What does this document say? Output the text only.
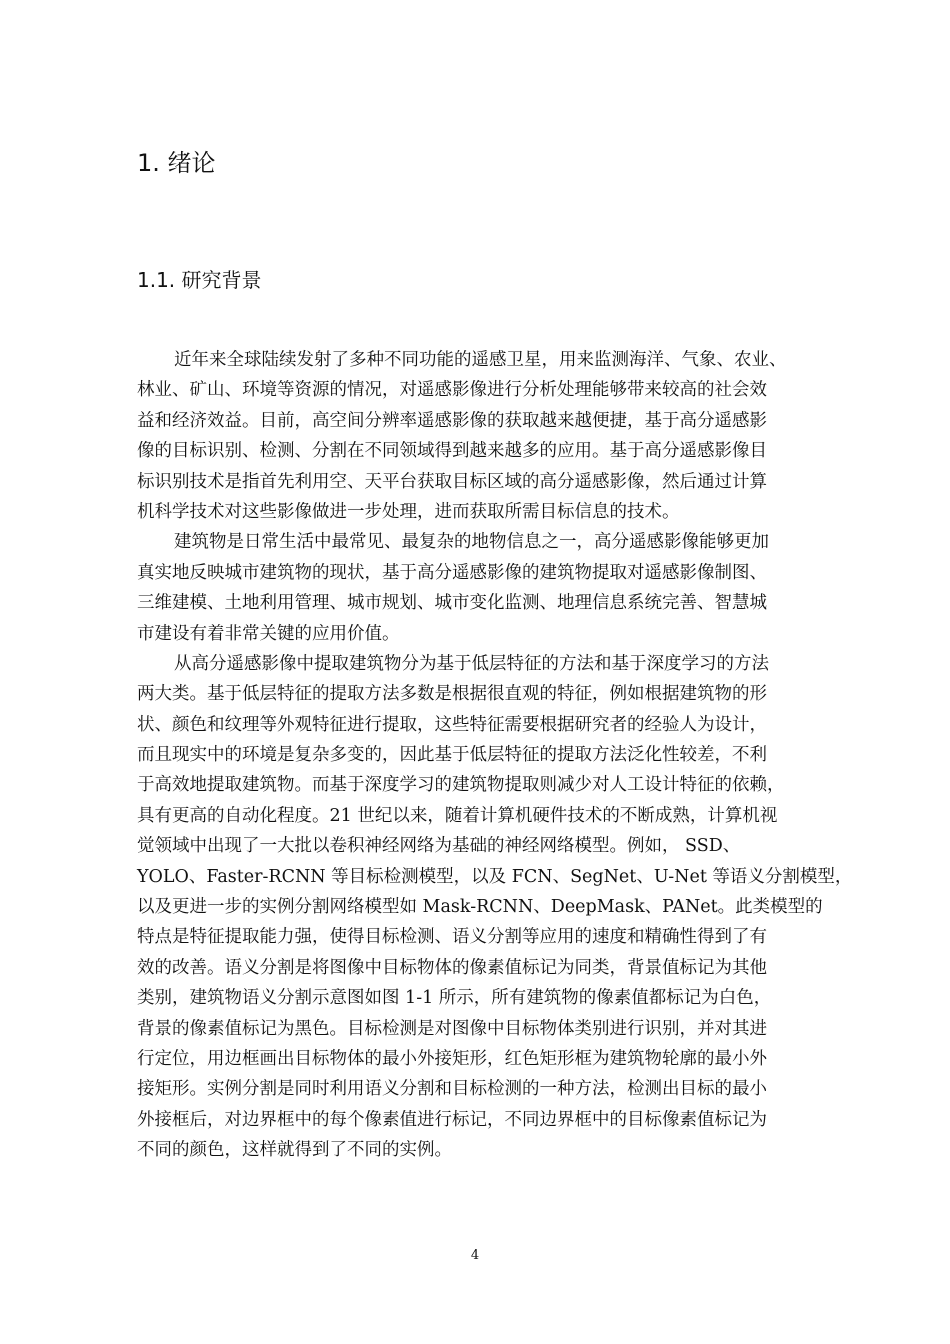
1. 绪论
1.1. 研究背景
近年来全球陆续发射了多种不同功能的遥感卫星，用来监测海洋、气象、农业、
林业、矿山、环境等资源的情况，对遥感影像进行分析处理能够带来较高的社会效
益和经济效益。目前，高空间分辨率遥感影像的获取越来越便捷，基于高分遥感影
像的目标识别、检测、分割在不同领域得到越来越多的应用。基于高分遥感影像目
标识别技术是指首先利用空、天平台获取目标区域的高分遥感影像，然后通过计算
机科学技术对这些影像做进一步处理，进而获取所需目标信息的技术。
建筑物是日常生活中最常见、最复杂的地物信息之一，高分遥感影像能够更加
真实地反映城市建筑物的现状，基于高分遥感影像的建筑物提取对遥感影像制图、
三维建模、土地利用管理、城市规划、城市变化监测、地理信息系统完善、智慧城
市建设有着非常关键的应用价值。
从高分遥感影像中提取建筑物分为基于低层特征的方法和基于深度学习的方法
两大类。基于低层特征的提取方法多数是根据很直观的特征，例如根据建筑物的形
状、颜色和纹理等外观特征进行提取，这些特征需要根据研究者的经验人为设计，
而且现实中的环境是复杂多变的，因此基于低层特征的提取方法泛化性较差，不利
于高效地提取建筑物。而基于深度学习的建筑物提取则减少对人工设计特征的依赖，
具有更高的自动化程度。21 世纪以来，随着计算机硬件技术的不断成熟，计算机视
觉领域中出现了一大批以卷积神经网络为基础的神经网络模型。例如， SSD、
YOLO、Faster-RCNN 等目标检测模型，以及 FCN、SegNet、U-Net 等语义分割模型，
以及更进一步的实例分割网络模型如 Mask-RCNN、DeepMask、PANet。此类模型的
特点是特征提取能力强，使得目标检测、语义分割等应用的速度和精确性得到了有
效的改善。语义分割是将图像中目标物体的像素值标记为同类，背景值标记为其他
类别，建筑物语义分割示意图如图 1-1 所示，所有建筑物的像素值都标记为白色，
背景的像素值标记为黑色。目标检测是对图像中目标物体类别进行识别，并对其进
行定位，用边框画出目标物体的最小外接矩形，红色矩形框为建筑物轮廓的最小外
接矩形。实例分割是同时利用语义分割和目标检测的一种方法，检测出目标的最小
外接框后，对边界框中的每个像素值进行标记，不同边界框中的目标像素值标记为
不同的颜色，这样就得到了不同的实例。
4
